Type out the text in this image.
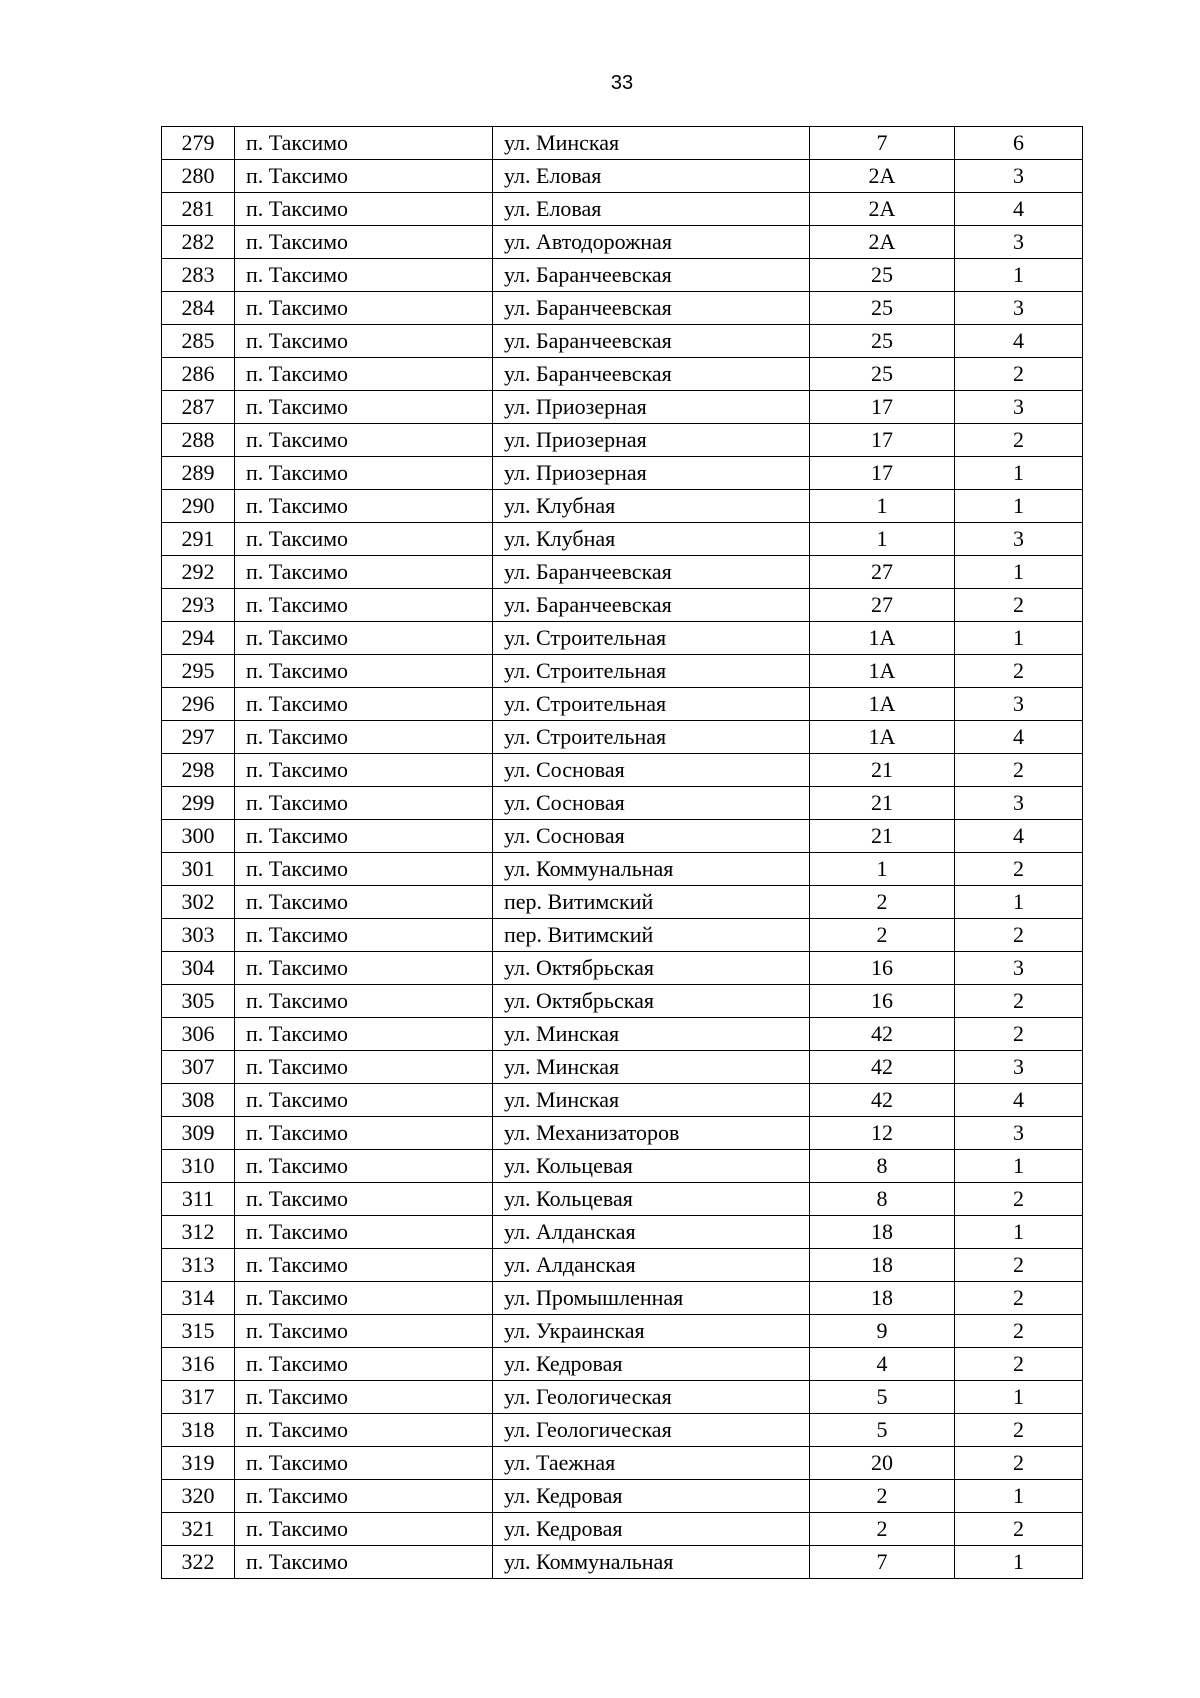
33
279	п. Таксимо	ул. Минская	7	6
280	п. Таксимо	ул. Еловая	2А	3
281	п. Таксимо	ул. Еловая	2А	4
282	п. Таксимо	ул. Автодорожная	2А	3
283	п. Таксимо	ул. Баранчеевская	25	1
284	п. Таксимо	ул. Баранчеевская	25	3
285	п. Таксимо	ул. Баранчеевская	25	4
286	п. Таксимо	ул. Баранчеевская	25	2
287	п. Таксимо	ул. Приозерная	17	3
288	п. Таксимо	ул. Приозерная	17	2
289	п. Таксимо	ул. Приозерная	17	1
290	п. Таксимо	ул. Клубная	1	1
291	п. Таксимо	ул. Клубная	1	3
292	п. Таксимо	ул. Баранчеевская	27	1
293	п. Таксимо	ул. Баранчеевская	27	2
294	п. Таксимо	ул. Строительная	1А	1
295	п. Таксимо	ул. Строительная	1А	2
296	п. Таксимо	ул. Строительная	1А	3
297	п. Таксимо	ул. Строительная	1А	4
298	п. Таксимо	ул. Сосновая	21	2
299	п. Таксимо	ул. Сосновая	21	3
300	п. Таксимо	ул. Сосновая	21	4
301	п. Таксимо	ул. Коммунальная	1	2
302	п. Таксимо	пер. Витимский	2	1
303	п. Таксимо	пер. Витимский	2	2
304	п. Таксимо	ул. Октябрьская	16	3
305	п. Таксимо	ул. Октябрьская	16	2
306	п. Таксимо	ул. Минская	42	2
307	п. Таксимо	ул. Минская	42	3
308	п. Таксимо	ул. Минская	42	4
309	п. Таксимо	ул. Механизаторов	12	3
310	п. Таксимо	ул. Кольцевая	8	1
311	п. Таксимо	ул. Кольцевая	8	2
312	п. Таксимо	ул. Алданская	18	1
313	п. Таксимо	ул. Алданская	18	2
314	п. Таксимо	ул. Промышленная	18	2
315	п. Таксимо	ул. Украинская	9	2
316	п. Таксимо	ул. Кедровая	4	2
317	п. Таксимо	ул. Геологическая	5	1
318	п. Таксимо	ул. Геологическая	5	2
319	п. Таксимо	ул. Таежная	20	2
320	п. Таксимо	ул. Кедровая	2	1
321	п. Таксимо	ул. Кедровая	2	2
322	п. Таксимо	ул. Коммунальная	7	1
